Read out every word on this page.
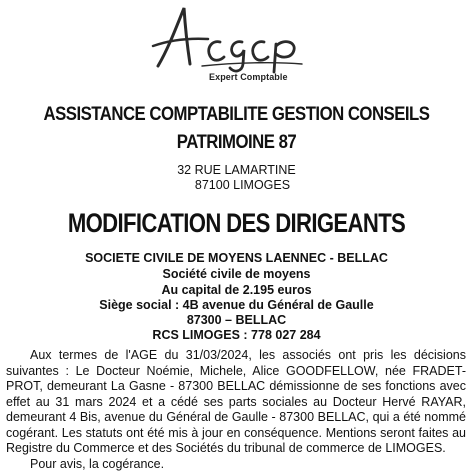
Expert Comptable
ASSISTANCE COMPTABILITE GESTION CONSEILS
PATRIMOINE 87
32 RUE LAMARTINE
87100 LIMOGES
MODIFICATION DES DIRIGEANTS
SOCIETE CIVILE DE MOYENS LAENNEC - BELLAC
Société civile de moyens
Au capital de 2.195 euros
Siège social : 4B avenue du Général de Gaulle
87300 – BELLAC
RCS LIMOGES : 778 027 284

Aux termes de l'AGE du 31/03/2024, les associés ont pris les décisions suivantes : Le Docteur Noémie, Michele, Alice GOODFELLOW, née FRADET-PROT, demeurant La Gasne - 87300 BELLAC démissionne de ses fonctions avec effet au 31 mars 2024 et a cédé ses parts sociales au Docteur Hervé RAYAR, demeurant 4 Bis, avenue du Général de Gaulle - 87300 BELLAC, qui a été nommé cogérant. Les statuts ont été mis à jour en conséquence. Mentions seront faites au Registre du Commerce et des Sociétés du tribunal de commerce de LIMOGES.

Pour avis, la cogérance.
